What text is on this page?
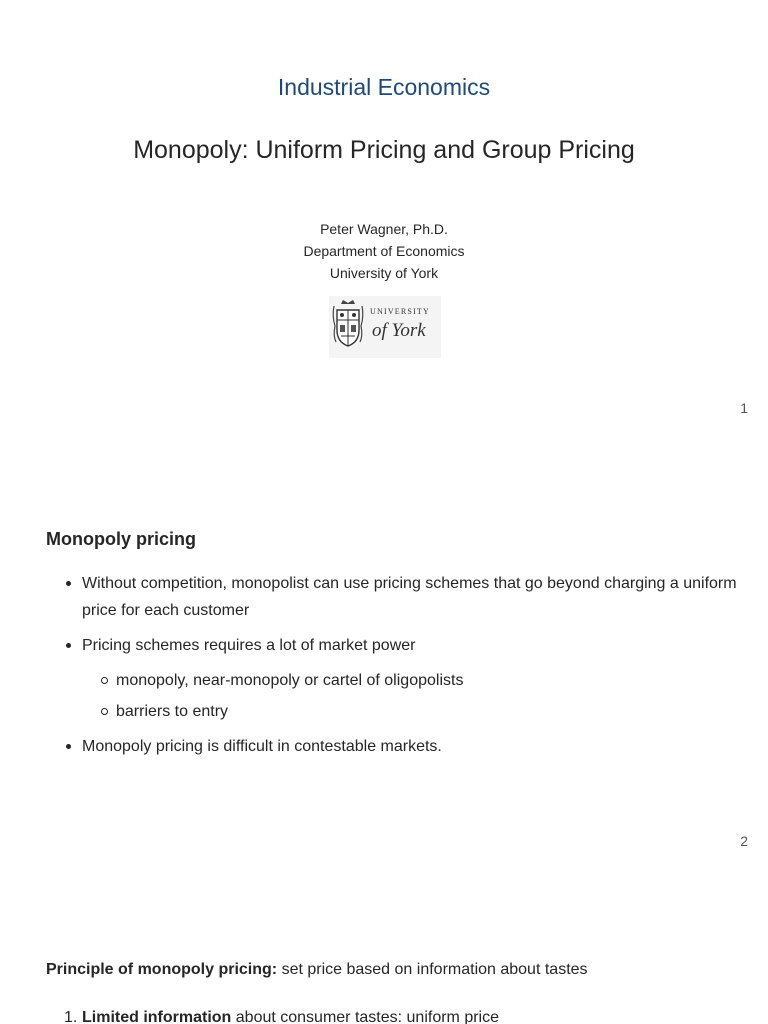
Industrial Economics
Monopoly: Uniform Pricing and Group Pricing
Peter Wagner, Ph.D.
Department of Economics
University of York
UNIVERSITY
of York
1
Monopoly pricing
Without competition, monopolist can use pricing schemes that go beyond charging a uniform price for each customer
Pricing schemes requires a lot of market power
monopoly, near-monopoly or cartel of oligopolists
barriers to entry
Monopoly pricing is difficult in contestable markets.
2
Principle of monopoly pricing: set price based on information about tastes
1. Limited information about consumer tastes: uniform price
